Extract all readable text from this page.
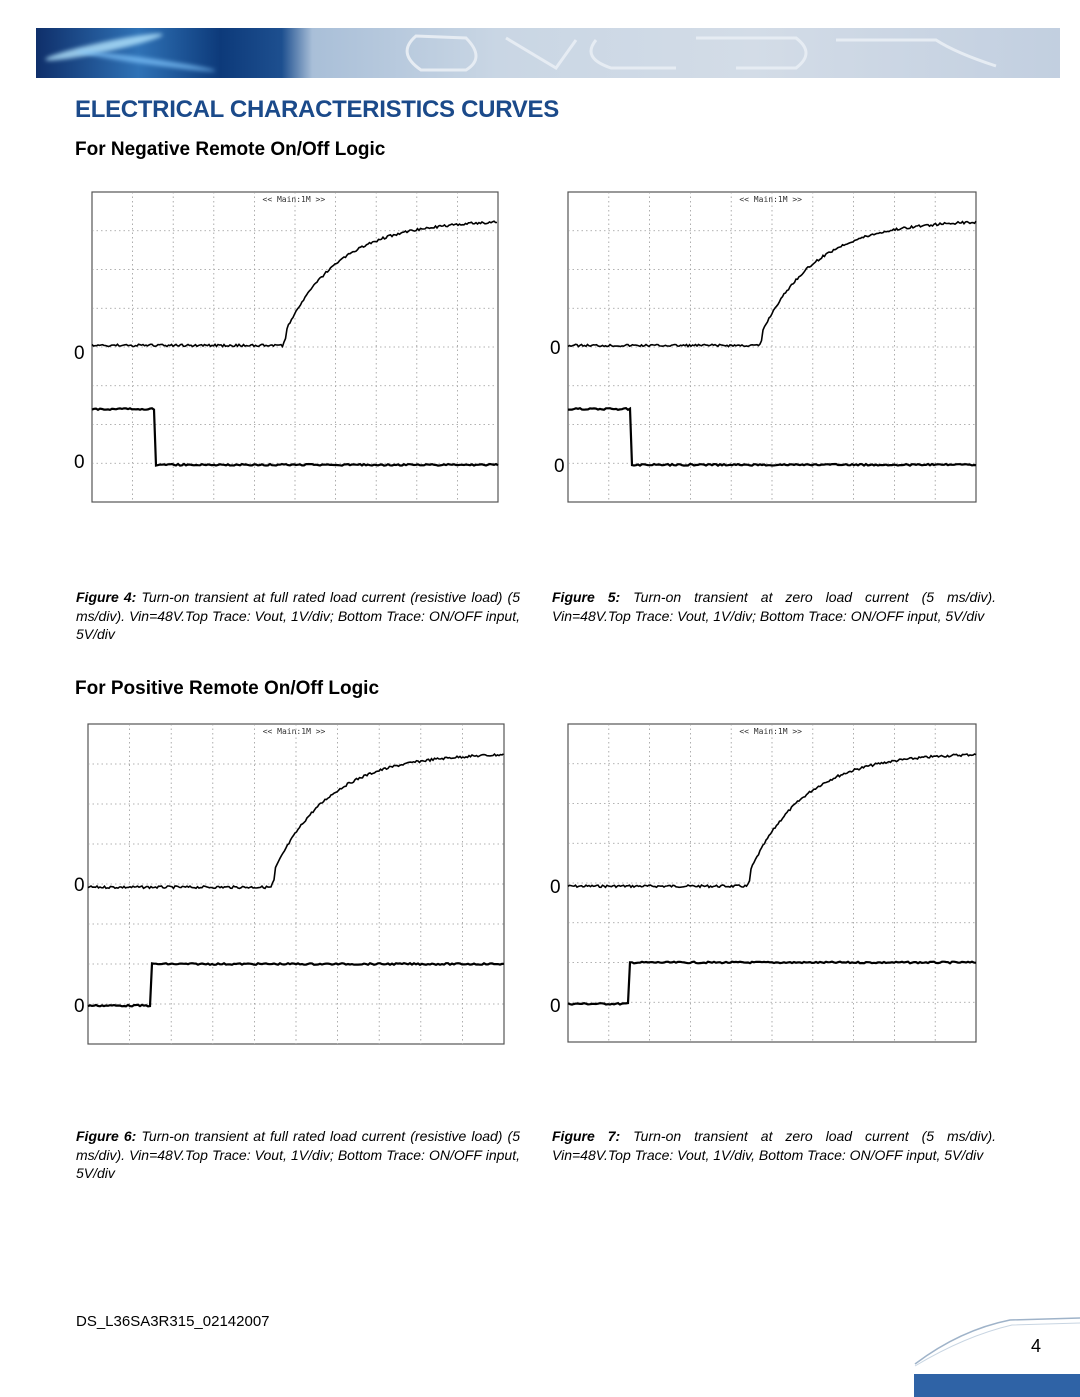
ELECTRICAL CHARACTERISTICS CURVES
For Negative Remote On/Off Logic
<< Main:1M >>
0
0
<< Main:1M >>
0
0

Figure 4: Turn-on transient at full rated load current (resistive load) (5 ms/div). Vin=48V.Top Trace: Vout, 1V/div; Bottom Trace: ON/OFF input, 5V/div

Figure 5: Turn-on transient at zero load current (5 ms/div). Vin=48V.Top Trace: Vout, 1V/div; Bottom Trace: ON/OFF input, 5V/div

For Positive Remote On/Off Logic
<< Main:1M >>
0
0
<< Main:1M >>
0
0

Figure 6: Turn-on transient at full rated load current (resistive load) (5 ms/div). Vin=48V.Top Trace: Vout, 1V/div; Bottom Trace: ON/OFF input, 5V/div

Figure 7: Turn-on transient at zero load current (5 ms/div). Vin=48V.Top Trace: Vout, 1V/div, Bottom Trace: ON/OFF input, 5V/div

DS_L36SA3R315_02142007
4
